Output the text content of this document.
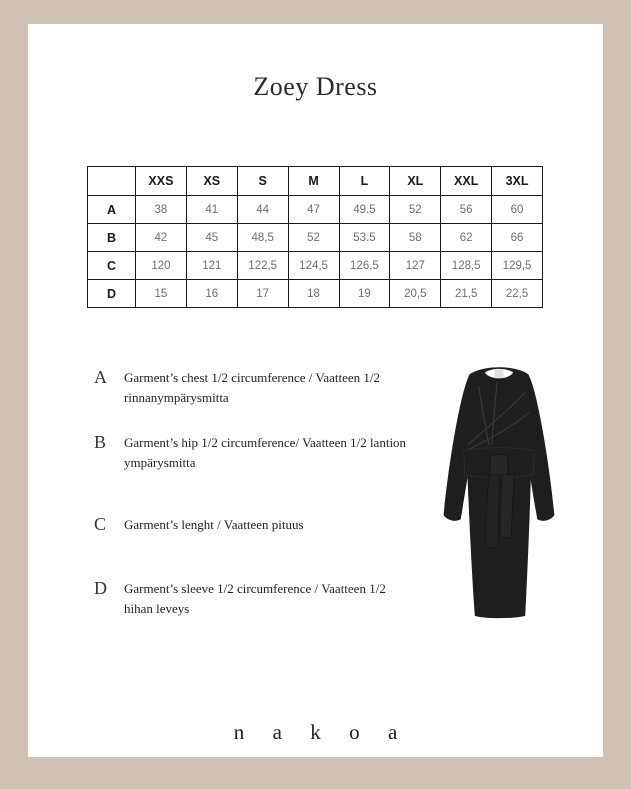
Zoey Dress
	XXS	XS	S	M	L	XL	XXL	3XL
A	38	41	44	47	49.5	52	56	60
B	42	45	48,5	52	53.5	58	62	66
C	120	121	122,5	124,5	126,5	127	128,5	129,5
D	15	16	17	18	19	20,5	21,5	22,5
A	Garment’s chest 1/2 circumference / Vaatteen 1/2 rinnanympärysmitta

B	Garment’s hip 1/2 circumference/ Vaatteen 1/2 lantion ympärysmitta

C	Garment’s lenght / Vaatteen pituus

D	Garment’s sleeve 1/2 circumference / Vaatteen 1/2 hihan leveys

n a k o a
